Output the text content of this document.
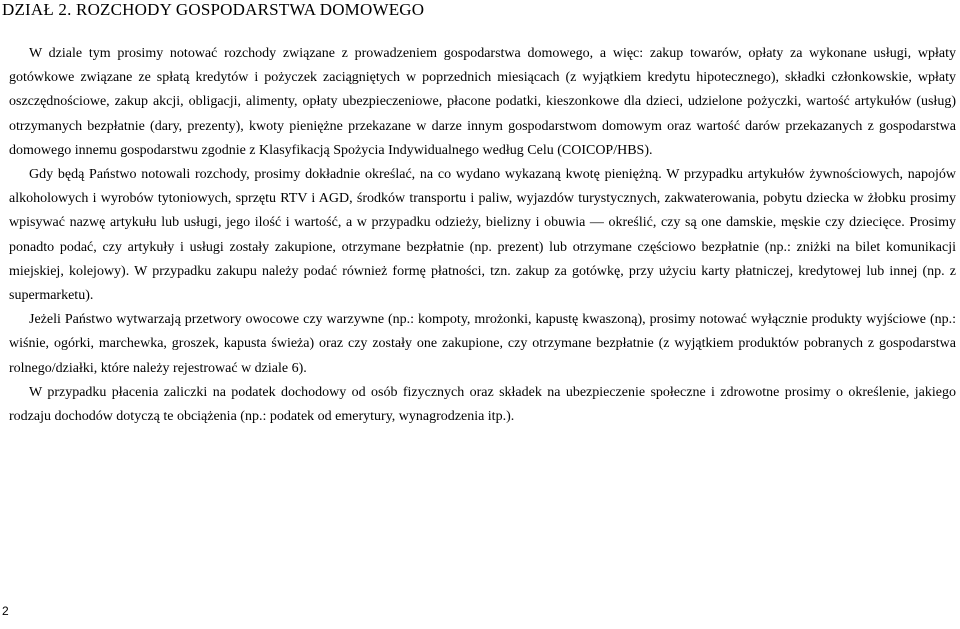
DZIAŁ 2. ROZCHODY GOSPODARSTWA DOMOWEGO

W dziale tym prosimy notować rozchody związane z prowadzeniem gospodarstwa domowego, a więc: zakup towarów, opłaty za wykonane usługi, wpłaty gotówkowe związane ze spłatą kredytów i pożyczek zaciągniętych w poprzednich miesiącach (z wyjątkiem kredytu hipotecznego), składki członkowskie, wpłaty oszczędnościowe, zakup akcji, obligacji, alimenty, opłaty ubezpieczeniowe, płacone podatki, kieszonkowe dla dzieci, udzielone pożyczki, wartość artykułów (usług) otrzymanych bezpłatnie (dary, prezenty), kwoty pieniężne przekazane w darze innym gospodarstwom domowym oraz wartość darów przekazanych z gospodarstwa domowego innemu gospodarstwu zgodnie z Klasyfikacją Spożycia Indywidualnego według Celu (COICOP/HBS).

Gdy będą Państwo notowali rozchody, prosimy dokładnie określać, na co wydano wykazaną kwotę pieniężną. W przypadku artykułów żywnościowych, napojów alkoholowych i wyrobów tytoniowych, sprzętu RTV i AGD, środków transportu i paliw, wyjazdów turystycznych, zakwaterowania, pobytu dziecka w żłobku prosimy wpisywać nazwę artykułu lub usługi, jego ilość i wartość, a w przypadku odzieży, bielizny i obuwia — określić, czy są one damskie, męskie czy dziecięce. Prosimy ponadto podać, czy artykuły i usługi zostały zakupione, otrzymane bezpłatnie (np. prezent) lub otrzymane częściowo bezpłatnie (np.: zniżki na bilet komunikacji miejskiej, kolejowy). W przypadku zakupu należy podać również formę płatności, tzn. zakup za gotówkę, przy użyciu karty płatniczej, kredytowej lub innej (np. z supermarketu).

Jeżeli Państwo wytwarzają przetwory owocowe czy warzywne (np.: kompoty, mrożonki, kapustę kwaszoną), prosimy notować wyłącznie produkty wyjściowe (np.: wiśnie, ogórki, marchewka, groszek, kapusta świeża) oraz czy zostały one zakupione, czy otrzymane bezpłatnie (z wyjątkiem produktów pobranych z gospodarstwa rolnego/działki, które należy rejestrować w dziale 6).

W przypadku płacenia zaliczki na podatek dochodowy od osób fizycznych oraz składek na ubezpieczenie społeczne i zdrowotne prosimy o określenie, jakiego rodzaju dochodów dotyczą te obciążenia (np.: podatek od emerytury, wynagrodzenia itp.).

2
